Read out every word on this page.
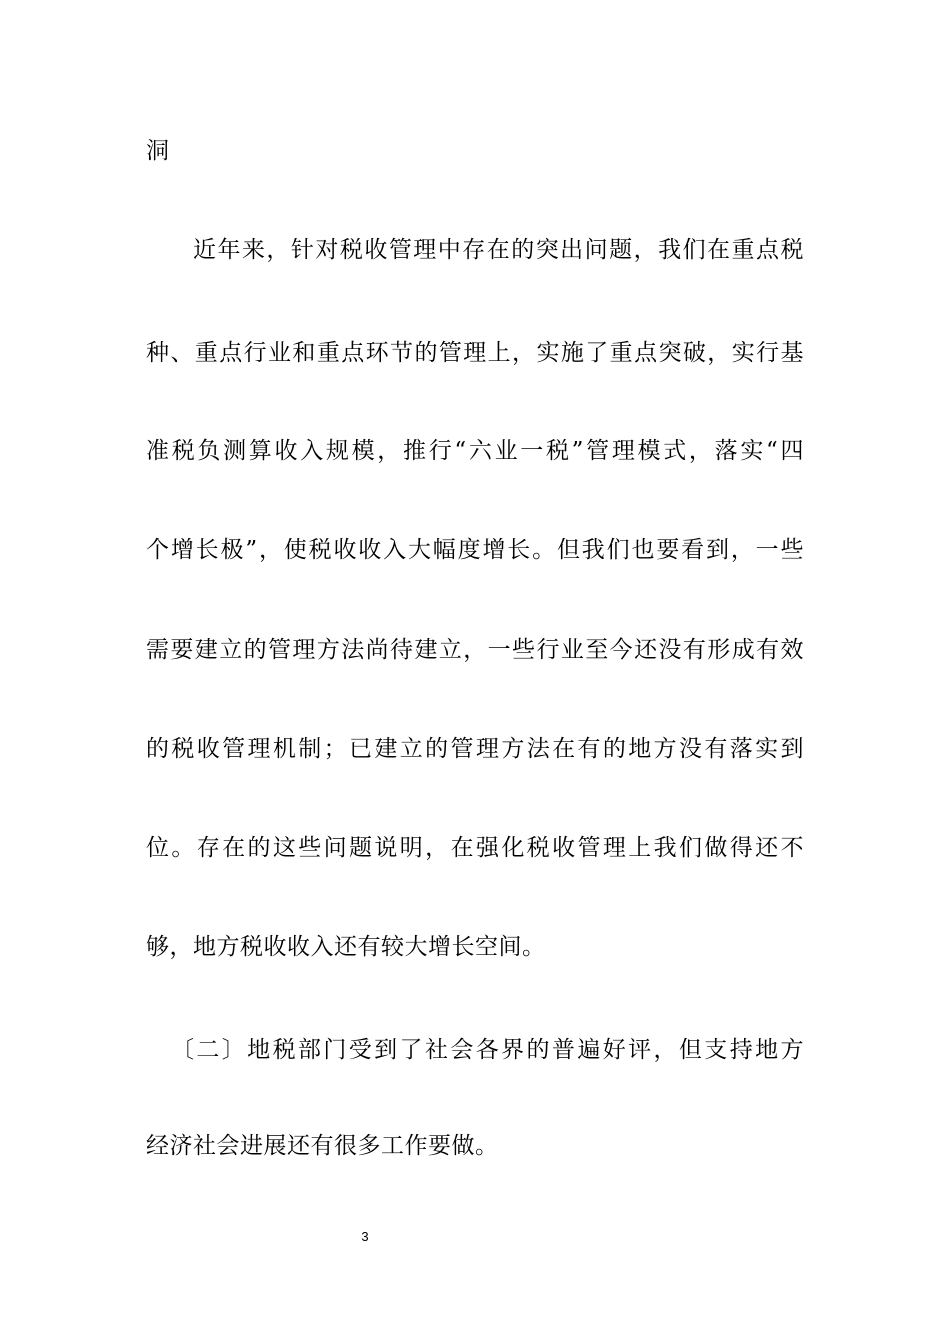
洞
近年来，针对税收管理中存在的突出问题，我们在重点税
种、重点行业和重点环节的管理上，实施了重点突破，实行基
准税负测算收入规模，推行“六业一税”管理模式，落实“四
个增长极”，使税收收入大幅度增长。但我们也要看到，一些
需要建立的管理方法尚待建立，一些行业至今还没有形成有效
的税收管理机制；已建立的管理方法在有的地方没有落实到
位。存在的这些问题说明，在强化税收管理上我们做得还不
够，地方税收收入还有较大增长空间。
〔二〕地税部门受到了社会各界的普遍好评，但支持地方
经济社会进展还有很多工作要做。
3
